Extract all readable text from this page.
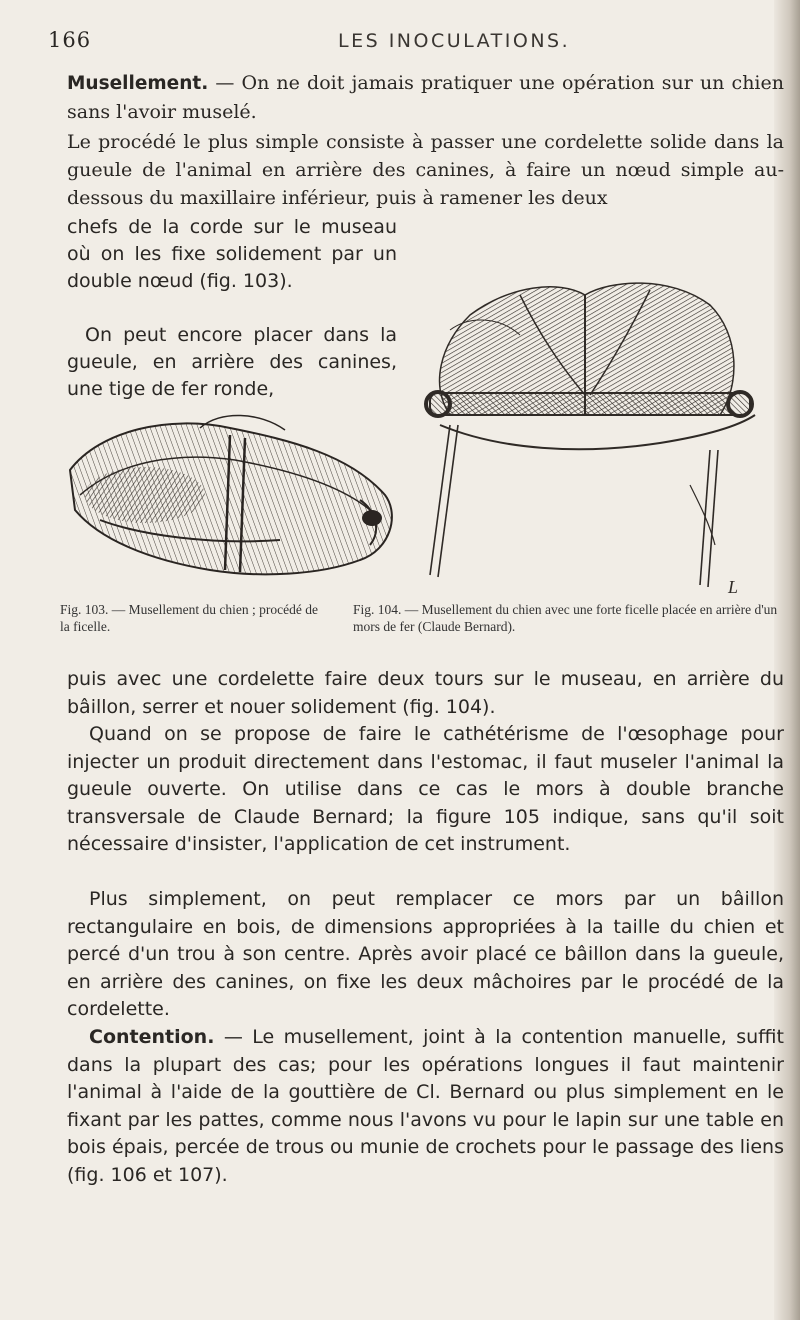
166	LES INOCULATIONS.

Musellement. — On ne doit jamais pratiquer une opération sur un chien sans l'avoir muselé.

Le procédé le plus simple consiste à passer une cordelette solide dans la gueule de l'animal en arrière des canines, à faire un nœud simple au-dessous du maxillaire inférieur, puis à ramener les deux

chefs de la corde sur le museau où on les fixe solidement par un double nœud (fig. 103).

On peut encore placer dans la gueule, en arrière des canines, une tige de fer ronde,

L
Fig. 103. — Musellement du chien ; procédé de la ficelle.
Fig. 104. — Musellement du chien avec une forte ficelle placée en arrière d'un mors de fer (Claude Bernard).

puis avec une cordelette faire deux tours sur le museau, en arrière du bâillon, serrer et nouer solidement (fig. 104).

Quand on se propose de faire le cathétérisme de l'œsophage pour injecter un produit directement dans l'estomac, il faut museler l'animal la gueule ouverte. On utilise dans ce cas le mors à double branche transversale de Claude Bernard; la figure 105 indique, sans qu'il soit nécessaire d'insister, l'application de cet instrument.

Plus simplement, on peut remplacer ce mors par un bâillon rectangulaire en bois, de dimensions appropriées à la taille du chien et percé d'un trou à son centre. Après avoir placé ce bâillon dans la gueule, en arrière des canines, on fixe les deux mâchoires par le procédé de la cordelette.

Contention. — Le musellement, joint à la contention manuelle, suffit dans la plupart des cas; pour les opérations longues il faut maintenir l'animal à l'aide de la gouttière de Cl. Bernard ou plus simplement en le fixant par les pattes, comme nous l'avons vu pour le lapin sur une table en bois épais, percée de trous ou munie de crochets pour le passage des liens (fig. 106 et 107).
